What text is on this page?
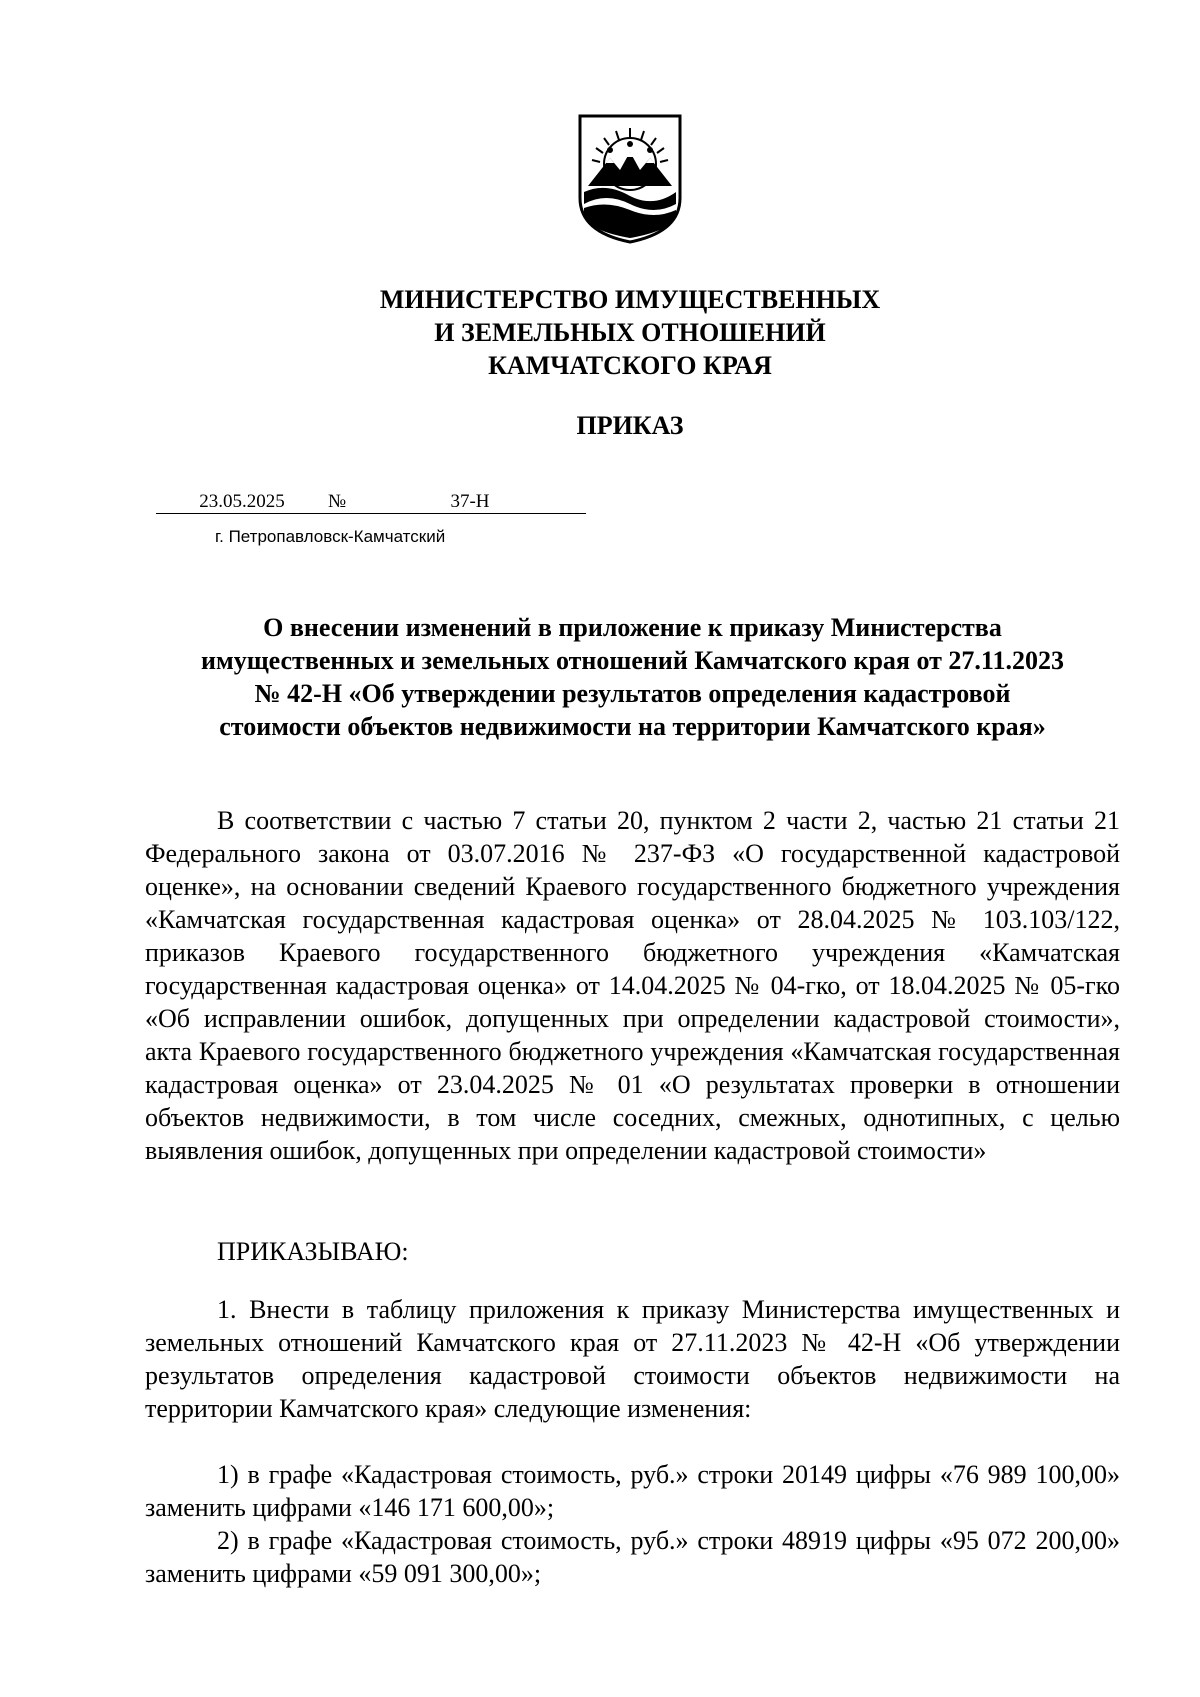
МИНИСТЕРСТВО ИМУЩЕСТВЕННЫХ
И ЗЕМЕЛЬНЫХ ОТНОШЕНИЙ
КАМЧАТСКОГО КРАЯ
ПРИКАЗ
23.05.2025 №	37-Н
г. Петропавловск-Камчатский
О внесении изменений в приложение к приказу Министерства
имущественных и земельных отношений Камчатского края от 27.11.2023
№ 42-Н «Об утверждении результатов определения кадастровой
стоимости объектов недвижимости на территории Камчатского края»
В соответствии с частью 7 статьи 20, пунктом 2 части 2, частью 21 статьи 21 Федерального закона от 03.07.2016 № 237-ФЗ «О государственной кадастровой оценке», на основании сведений Краевого государственного бюджетного учреждения «Камчатская государственная кадастровая оценка» от 28.04.2025 № 103.103/122, приказов Краевого государственного бюджетного учреждения «Камчатская государственная кадастровая оценка» от 14.04.2025 № 04-гко, от 18.04.2025 № 05-гко «Об исправлении ошибок, допущенных при определении кадастровой стоимости», акта Краевого государственного бюджетного учреждения «Камчатская государственная кадастровая оценка» от 23.04.2025 № 01 «О результатах проверки в отношении объектов недвижимости, в том числе соседних, смежных, однотипных, с целью выявления ошибок, допущенных при определении кадастровой стоимости»
ПРИКАЗЫВАЮ:
1. Внести в таблицу приложения к приказу Министерства имущественных и земельных отношений Камчатского края от 27.11.2023 № 42-Н «Об утверждении результатов определения кадастровой стоимости объектов недвижимости на территории Камчатского края» следующие изменения:
1) в графе «Кадастровая стоимость, руб.» строки 20149 цифры «76 989 100,00» заменить цифрами «146 171 600,00»;
2) в графе «Кадастровая стоимость, руб.» строки 48919 цифры «95 072 200,00» заменить цифрами «59 091 300,00»;
